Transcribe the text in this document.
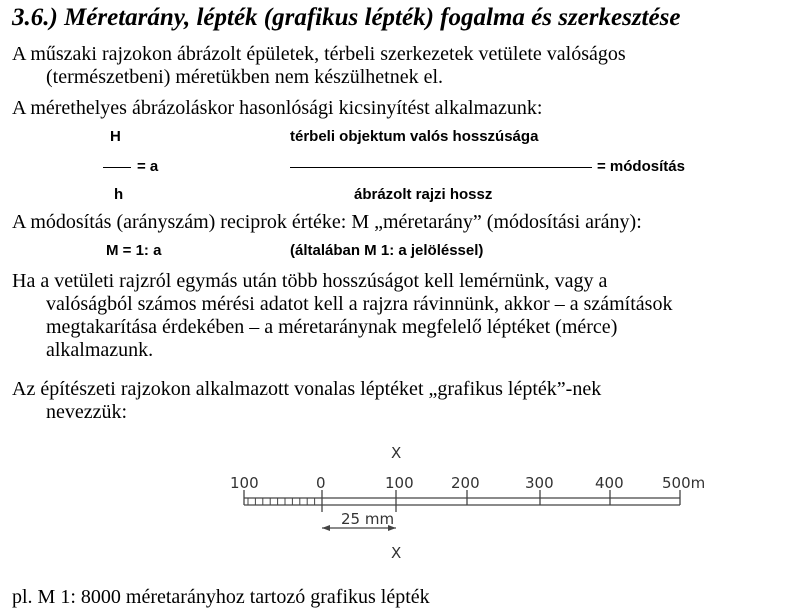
3.6.) Méretarány, lépték (grafikus lépték) fogalma és szerkesztése
A műszaki rajzokon ábrázolt épületek, térbeli szerkezetek vetülete valóságos
(természetbeni) méretükben nem készülhetnek el.
A mérethelyes ábrázoláskor hasonlósági kicsinyítést alkalmazunk:
H	térbeli objektum valós hosszúsága
= a	= módosítás
h	ábrázolt rajzi hossz
A módosítás (arányszám) reciprok értéke: M „méretarány” (módosítási arány):
M = 1: a	(általában M 1: a jelöléssel)
Ha a vetületi rajzról egymás után több hosszúságot kell lemérnünk, vagy a
valóságból számos mérési adatot kell a rajzra rávinnünk, akkor – a számítások
megtakarítása érdekében – a méretaránynak megfelelő léptéket (mérce)
alkalmazunk.
Az építészeti rajzokon alkalmazott vonalas léptéket „grafikus lépték”-nek
nevezzük:
X
X
100	0	100 200	300	400	500m
25 mm
pl. M 1: 8000 méretarányhoz tartozó grafikus lépték
